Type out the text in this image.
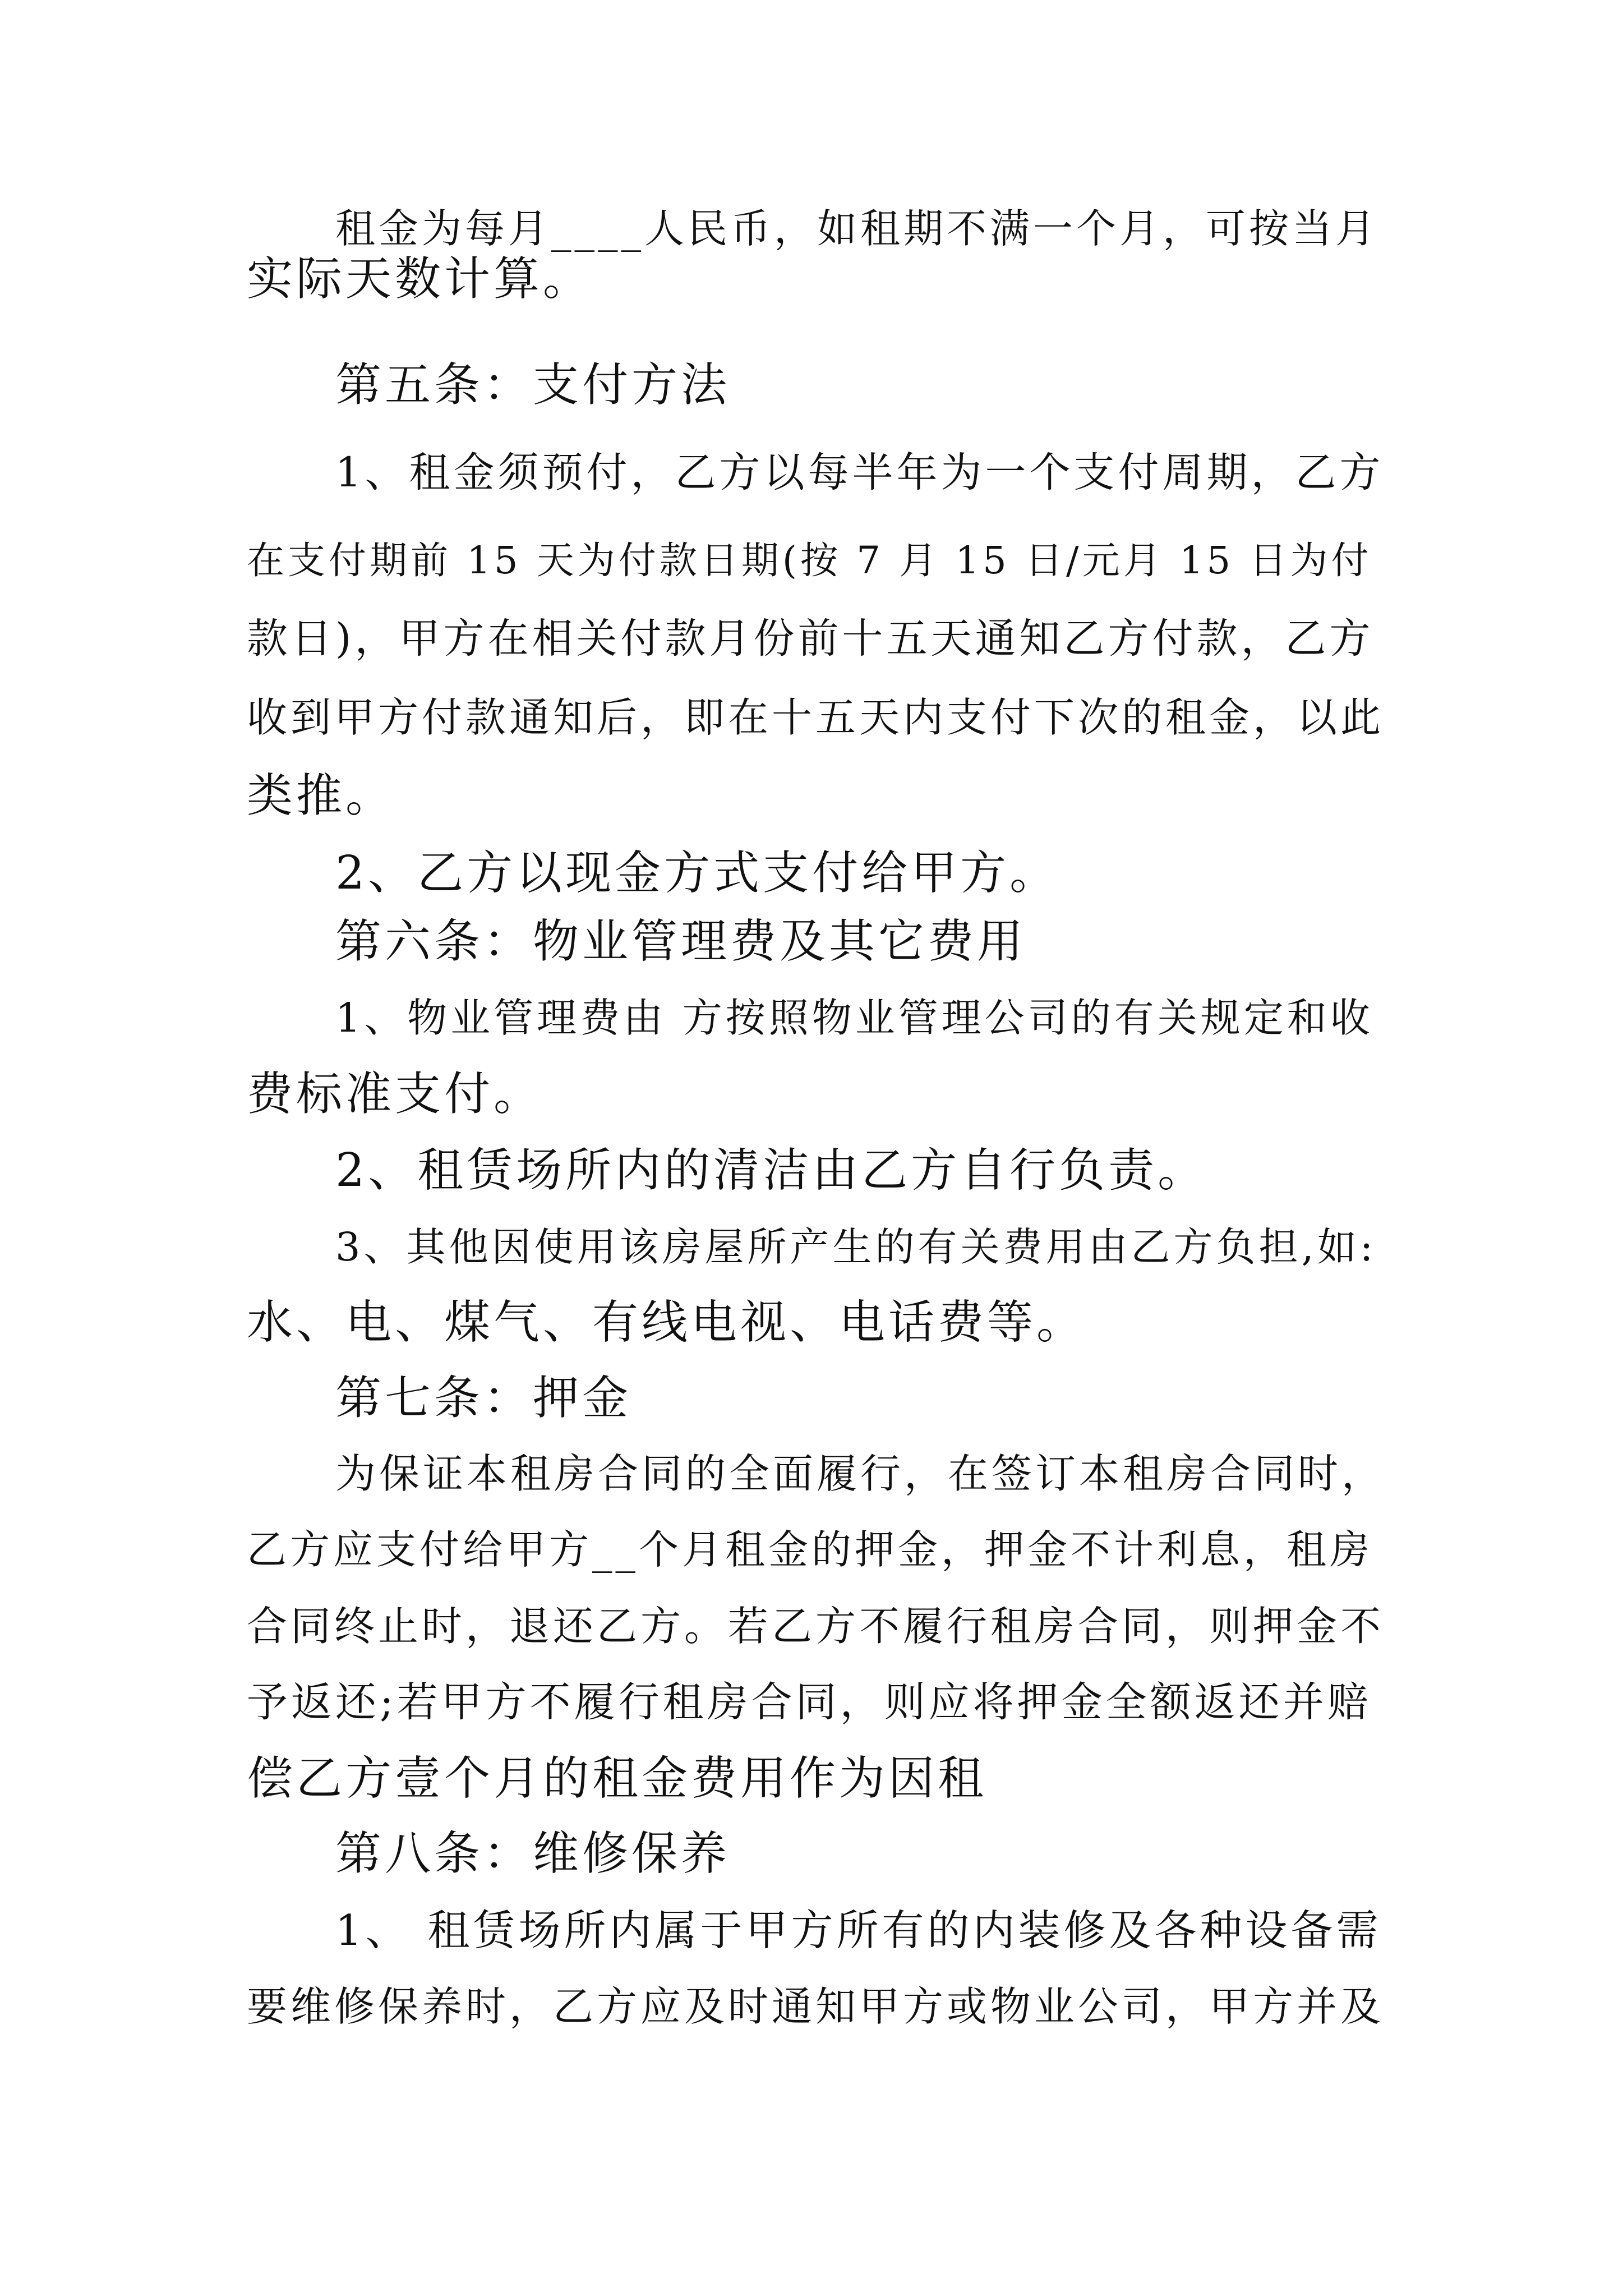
租金为每月____人民币，如租期不满一个月，可按当月

实际天数计算。

第五条：支付方法

1、租金须预付，乙方以每半年为一个支付周期，乙方

在支付期前 15 天为付款日期(按 7 月 15 日/元月 15 日为付

款日)，甲方在相关付款月份前十五天通知乙方付款，乙方

收到甲方付款通知后，即在十五天内支付下次的租金，以此

类推。

2、乙方以现金方式支付给甲方。

第六条：物业管理费及其它费用

1、物业管理费由 方按照物业管理公司的有关规定和收

费标准支付。

2、租赁场所内的清洁由乙方自行负责。

3、其他因使用该房屋所产生的有关费用由乙方负担,如:

水、电、煤气、有线电视、电话费等。

第七条：押金

为保证本租房合同的全面履行，在签订本租房合同时，

乙方应支付给甲方__个月租金的押金，押金不计利息，租房

合同终止时，退还乙方。若乙方不履行租房合同，则押金不

予返还;若甲方不履行租房合同，则应将押金全额返还并赔

偿乙方壹个月的租金费用作为因租

第八条：维修保养

1、 租赁场所内属于甲方所有的内装修及各种设备需

要维修保养时，乙方应及时通知甲方或物业公司，甲方并及
